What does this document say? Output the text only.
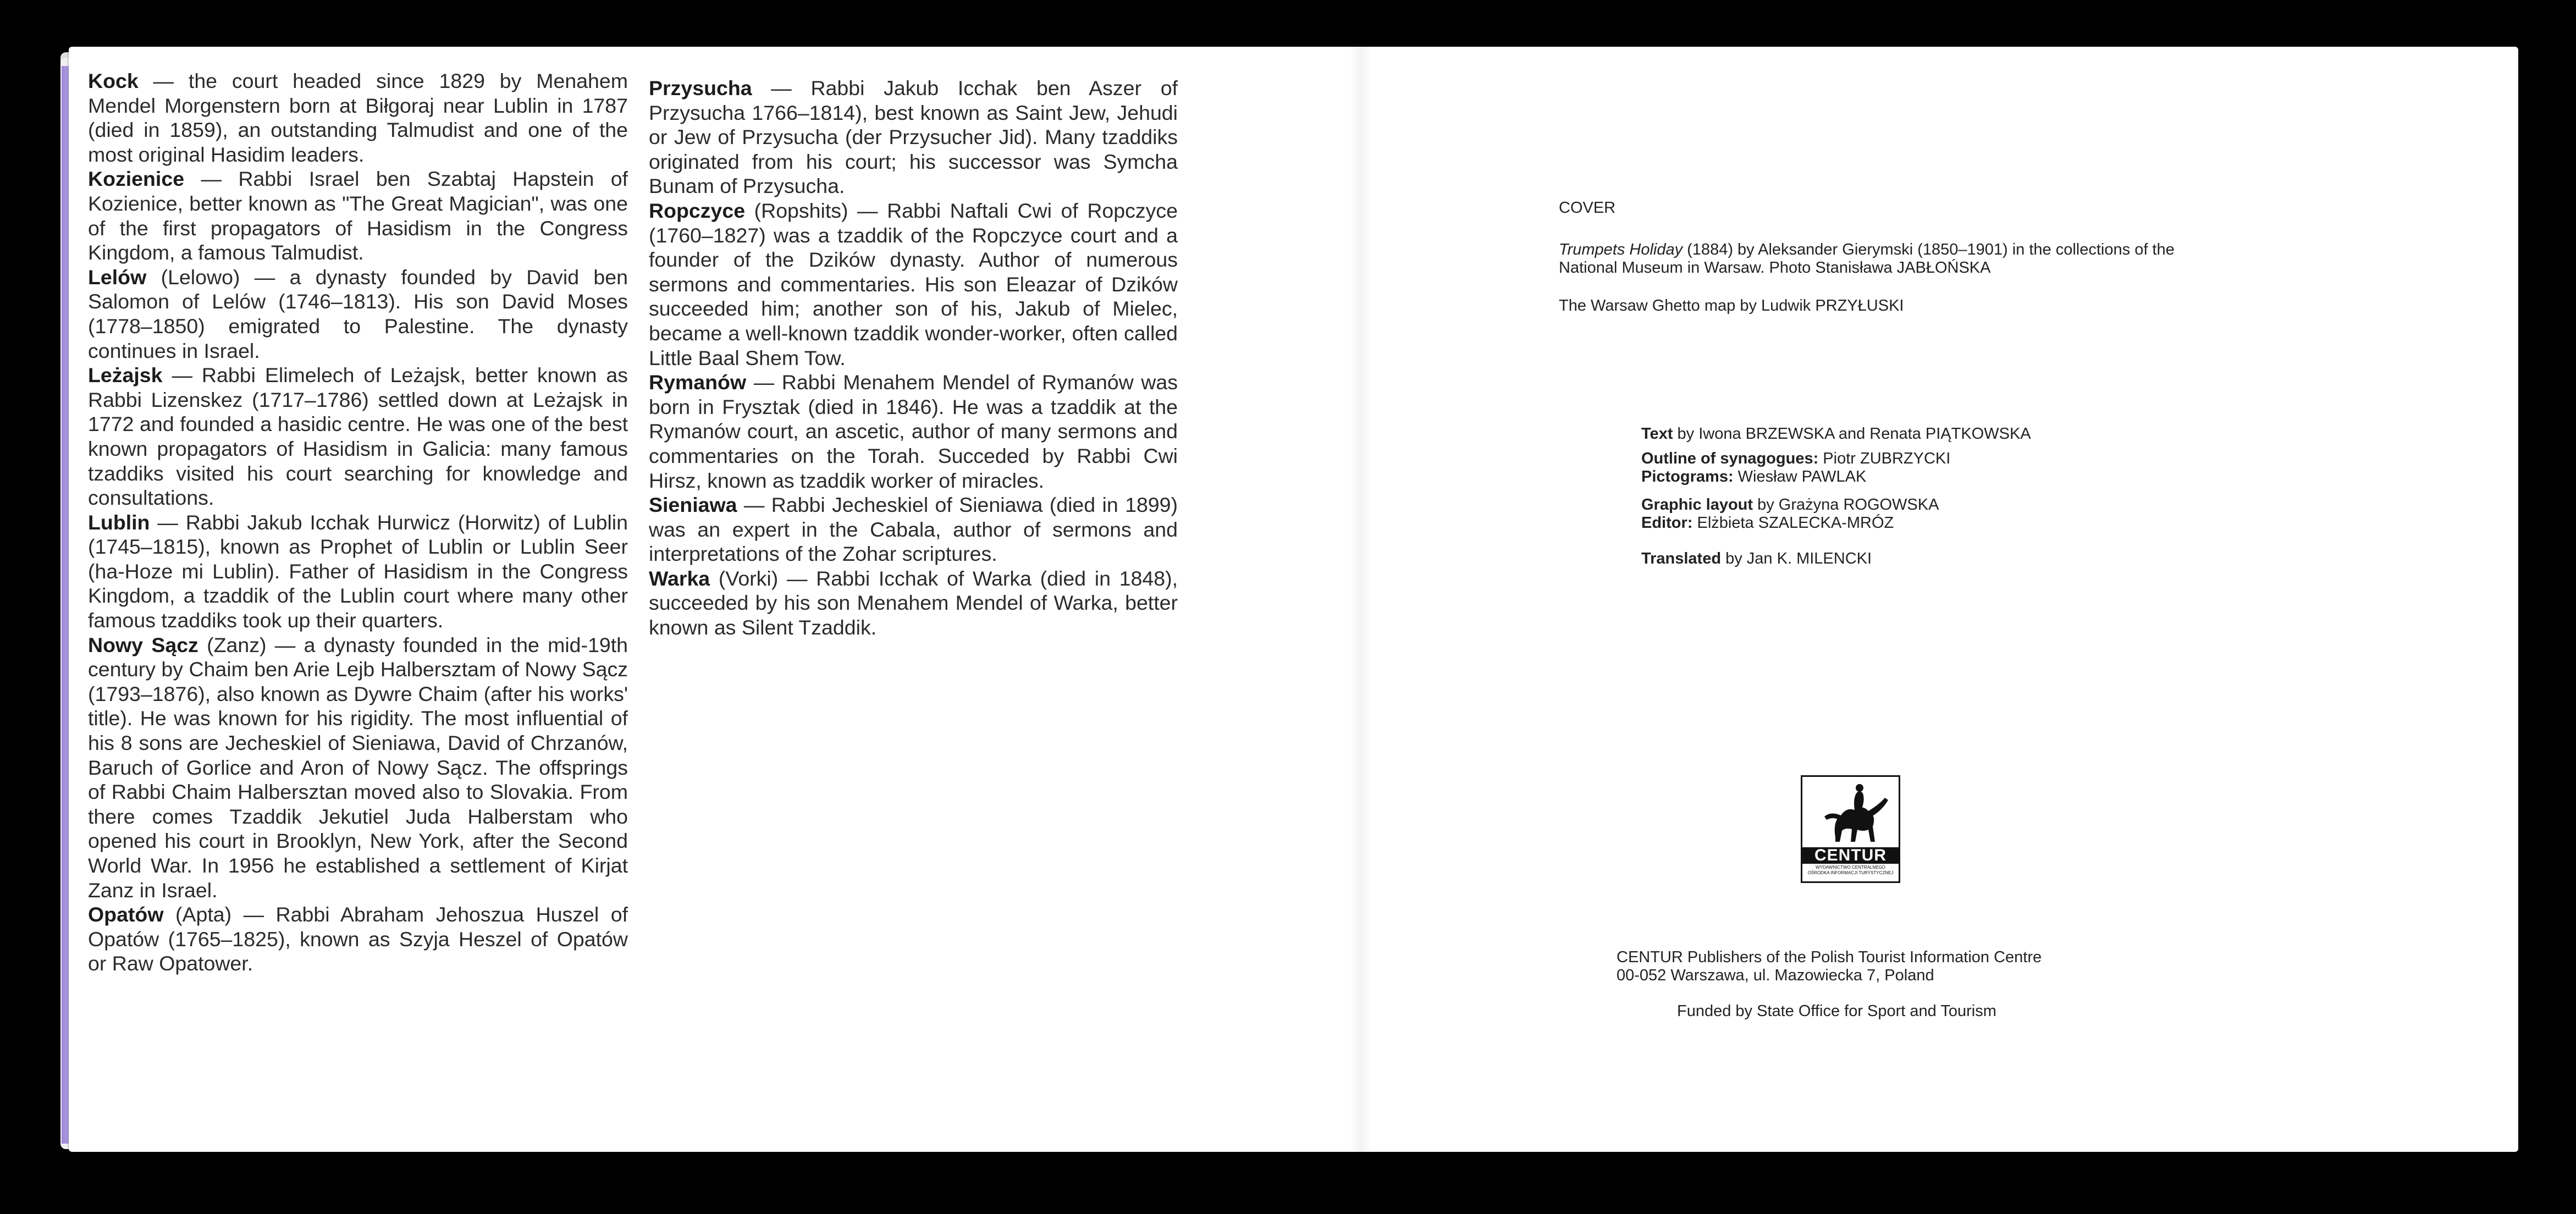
Kock — the court headed since 1829 by Menahem Mendel Morgenstern born at Biłgoraj near Lublin in 1787 (died in 1859), an outstanding Talmudist and one of the most original Hasidim leaders.

Kozienice — Rabbi Israel ben Szabtaj Hapstein of Kozienice, better known as "The Great Magician", was one of the first propagators of Hasidism in the Congress Kingdom, a famous Talmudist.

Lelów (Lelowo) — a dynasty founded by David ben Salomon of Lelów (1746–1813). His son David Moses (1778–1850) emigrated to Palestine. The dynasty continues in Israel.

Leżajsk — Rabbi Elimelech of Leżajsk, better known as Rabbi Lizenskez (1717–1786) settled down at Leżajsk in 1772 and founded a hasidic centre. He was one of the best known propagators of Hasidism in Galicia: many famous tzaddiks visited his court searching for knowledge and consultations.

Lublin — Rabbi Jakub Icchak Hurwicz (Horwitz) of Lublin (1745–1815), known as Prophet of Lublin or Lublin Seer (ha-Hoze mi Lublin). Father of Hasidism in the Congress Kingdom, a tzaddik of the Lublin court where many other famous tzaddiks took up their quarters.

Nowy Sącz (Zanz) — a dynasty founded in the mid-19th century by Chaim ben Arie Lejb Halbersztam of Nowy Sącz (1793–1876), also known as Dywre Chaim (after his works' title). He was known for his rigidity. The most influential of his 8 sons are Jecheskiel of Sieniawa, David of Chrzanów, Baruch of Gorlice and Aron of Nowy Sącz. The offsprings of Rabbi Chaim Halbersztan moved also to Slovakia. From there comes Tzaddik Jekutiel Juda Halberstam who opened his court in Brooklyn, New York, after the Second World War. In 1956 he established a settlement of Kirjat Zanz in Israel.

Opatów (Apta) — Rabbi Abraham Jehoszua Huszel of Opatów (1765–1825), known as Szyja Heszel of Opatów or Raw Opatower.

Przysucha — Rabbi Jakub Icchak ben Aszer of Przysucha 1766–1814), best known as Saint Jew, Jehudi or Jew of Przysucha (der Przysucher Jid). Many tzaddiks originated from his court; his successor was Symcha Bunam of Przysucha.

Ropczyce (Ropshits) — Rabbi Naftali Cwi of Ropczyce (1760–1827) was a tzaddik of the Ropczyce court and a founder of the Dzików dynasty. Author of numerous sermons and commentaries. His son Eleazar of Dzików succeeded him; another son of his, Jakub of Mielec, became a well-known tzaddik wonder-worker, often called Little Baal Shem Tow.

Rymanów — Rabbi Menahem Mendel of Rymanów was born in Frysztak (died in 1846). He was a tzaddik at the Rymanów court, an ascetic, author of many sermons and commentaries on the Torah. Succeded by Rabbi Cwi Hirsz, known as tzaddik worker of miracles.

Sieniawa — Rabbi Jecheskiel of Sieniawa (died in 1899) was an expert in the Cabala, author of sermons and interpretations of the Zohar scriptures.

Warka (Vorki) — Rabbi Icchak of Warka (died in 1848), succeeded by his son Menahem Mendel of Warka, better known as Silent Tzaddik.

COVER
Trumpets Holiday (1884) by Aleksander Gierymski (1850–1901) in the collections of the National Museum in Warsaw. Photo Stanisława JABŁOŃSKA
The Warsaw Ghetto map by Ludwik PRZYŁUSKI
Text by Iwona BRZEWSKA and Renata PIĄTKOWSKA
Outline of synagogues: Piotr ZUBRZYCKI
Pictograms: Wiesław PAWLAK
Graphic layout by Grażyna ROGOWSKA
Editor: Elżbieta SZALECKA-MRÓZ
Translated by Jan K. MILENCKI
CENTUR
WYDAWNICTWO CENTRALNEGO
OŚRODKA INFORMACJI TURYSTYCZNEJ
CENTUR Publishers of the Polish Tourist Information Centre
00-052 Warszawa, ul. Mazowiecka 7, Poland
Funded by State Office for Sport and Tourism
